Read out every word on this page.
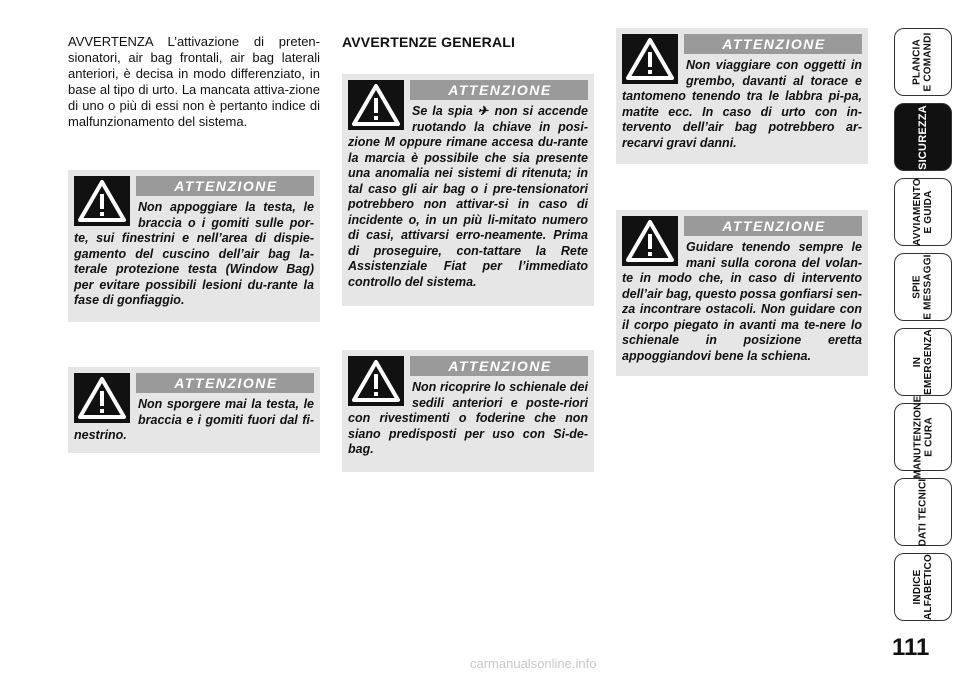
AVVERTENZA L’attivazione di preten-sionatori, air bag frontali, air bag laterali anteriori, è decisa in modo differenziato, in base al tipo di urto. La mancata attiva-zione di uno o più di essi non è pertanto indice di malfunzionamento del sistema.
AVVERTENZE GENERALI
ATTENZIONE
Non appoggiare la testa, le braccia o i gomiti sulle por-te, sui finestrini e nell’area di dispie-gamento del cuscino dell’air bag la-terale protezione testa (Window Bag) per evitare possibili lesioni du-rante la fase di gonfiaggio.
ATTENZIONE
Non sporgere mai la testa, le braccia e i gomiti fuori dal fi-nestrino.
ATTENZIONE
Se la spia ✈ non si accende ruotando la chiave in posi-zione M oppure rimane accesa du-rante la marcia è possibile che sia presente una anomalia nei sistemi di ritenuta; in tal caso gli air bag o i pre-tensionatori potrebbero non attivar-si in caso di incidente o, in un più li-mitato numero di casi, attivarsi erro-neamente. Prima di proseguire, con-tattare la Rete Assistenziale Fiat per l’immediato controllo del sistema.
ATTENZIONE
Non ricoprire lo schienale dei sedili anteriori e poste-riori con rivestimenti o foderine che non siano predisposti per uso con Si-de-bag.
ATTENZIONE
Non viaggiare con oggetti in grembo, davanti al torace e tantomeno tenendo tra le labbra pi-pa, matite ecc. In caso di urto con in-tervento dell’air bag potrebbero ar-recarvi gravi danni.
ATTENZIONE
Guidare tenendo sempre le mani sulla corona del volan-te in modo che, in caso di intervento dell’air bag, questo possa gonfiarsi sen-za incontrare ostacoli. Non guidare con il corpo piegato in avanti ma te-nere lo schienale in posizione eretta appoggiandovi bene la schiena.
PLANCIA
E COMANDI
SICUREZZA
AVVIAMENTO
E GUIDA
SPIE
E MESSAGGI
IN
EMERGENZA
MANUTENZIONE
E CURA
DATI TECNICI
INDICE
ALFABETICO
111
carmanualsonline.info
